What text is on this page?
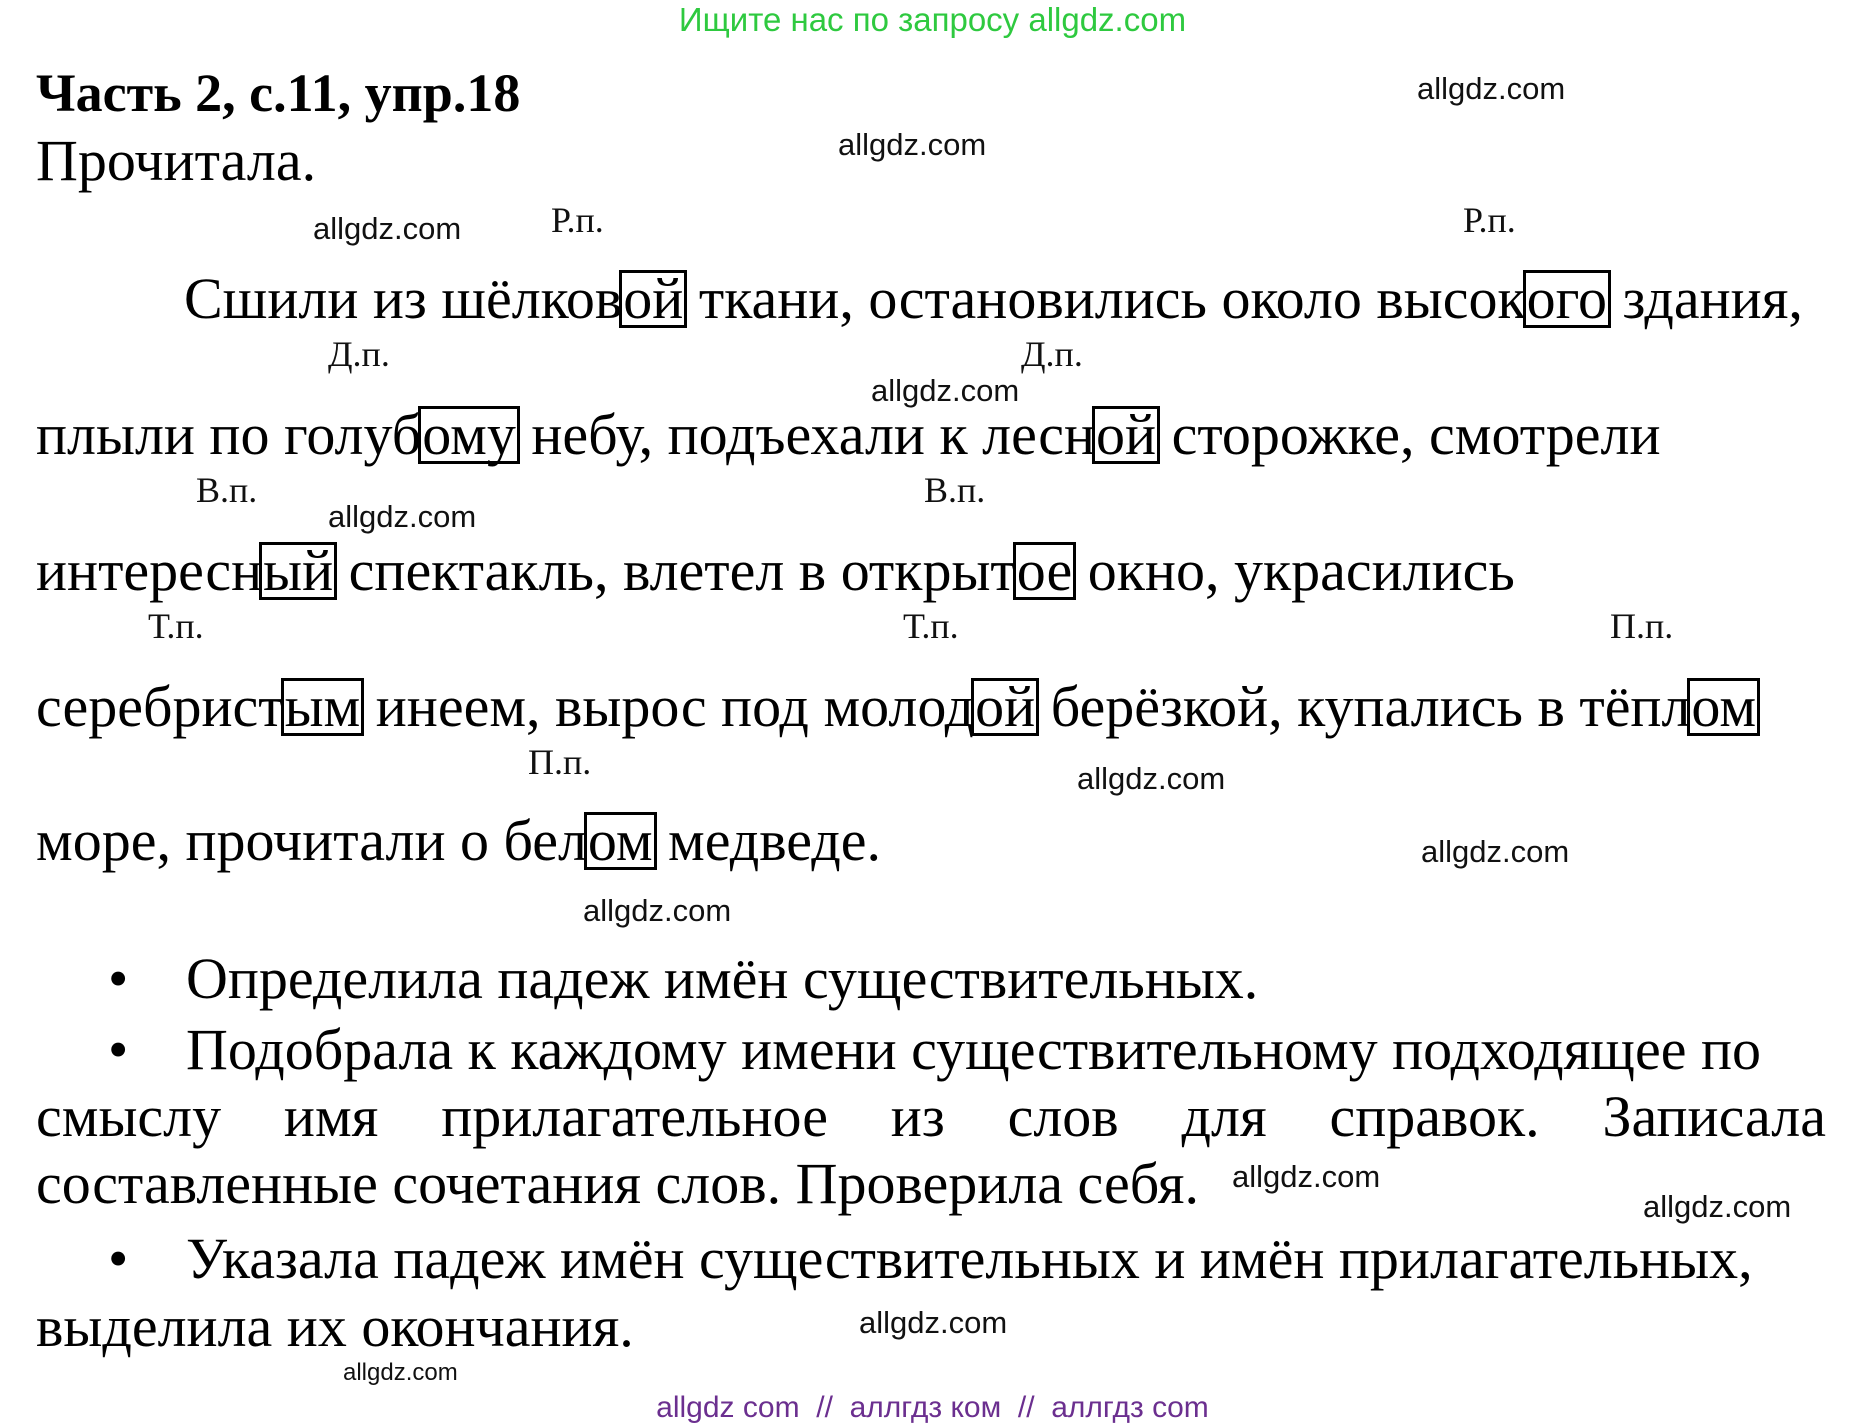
Ищите нас по запросу allgdz.com
Часть 2, с.11, упр.18
Прочитала.
allgdz.com
allgdz.com
allgdz.com
allgdz.com
allgdz.com
allgdz.com
allgdz.com
allgdz.com
allgdz.com
allgdz.com
allgdz.com
allgdz.com
Р.п.	Р.п.
Д.п.	Д.п.
В.п.	В.п.
Т.п.	Т.п.	П.п.
П.п.
Сшили из шёлковой ткани, остановились около высокого здания,
плыли по голубому небу, подъехали к лесной сторожке, смотрели
интересный спектакль, влетел в открытое окно, украсились
серебристым инеем, вырос под молодой берёзкой, купались в тёплом
море, прочитали о белом медведе.
• Определила падеж имён существительных.
• Подобрала к каждому имени существительному подходящее по
смыслу имя прилагательное из слов для справок. Записала
составленные сочетания слов. Проверила себя.
• Указала падеж имён существительных и имён прилагательных,
выделила их окончания.
allgdz com  //  аллгдз ком  //  аллгдз com
